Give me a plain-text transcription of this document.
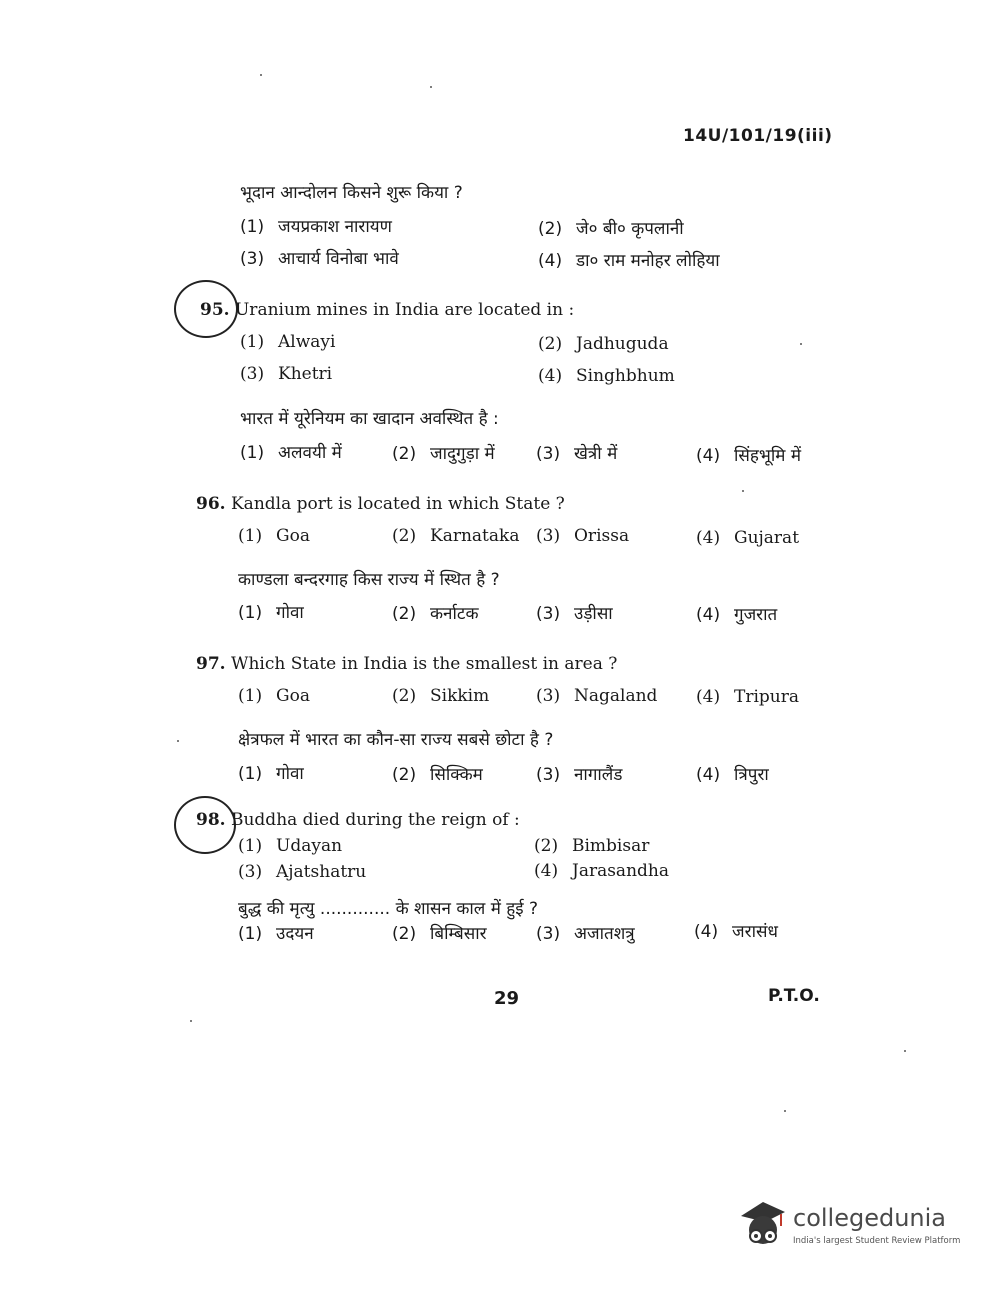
14U/101/19(iii)
भूदान आन्दोलन किसने शुरू किया ?
(1) जयप्रकाश नारायण	(2) जे० बी० कृपलानी
(3) आचार्य विनोबा भावे	(4) डा० राम मनोहर लोहिया
95. Uranium mines in India are located in :
(1) Alwayi	(2) Jadhuguda
(3) Khetri	(4) Singhbhum
भारत में यूरेनियम का खादान अवस्थित है :
(1) अलवयी में	(2) जादुगुड़ा में (3) खेत्री में	(4) सिंहभूमि में
96. Kandla port is located in which State ?
(1) Goa	(2) Karnataka (3) Orissa	(4) Gujarat
काण्डला बन्दरगाह किस राज्य में स्थित है ?
(1) गोवा	(2) कर्नाटक	(3) उड़ीसा	(4) गुजरात
97. Which State in India is the smallest in area ?
(1) Goa	(2) Sikkim	(3) Nagaland (4) Tripura
क्षेत्रफल में भारत का कौन-सा राज्य सबसे छोटा है ?
(1) गोवा	(2) सिक्किम	(3) नागालैंड	(4) त्रिपुरा
98. Buddha died during the reign of :
(1) Udayan	(2) Bimbisar
(3) Ajatshatru	(4) Jarasandha
बुद्ध की मृत्यु ............. के शासन काल में हुई ?
(1) उदयन	(2) बिम्बिसार	(3) अजातशत्रु	(4) जरासंध
29	P.T.O.
collegedunia
India's largest Student Review Platform
